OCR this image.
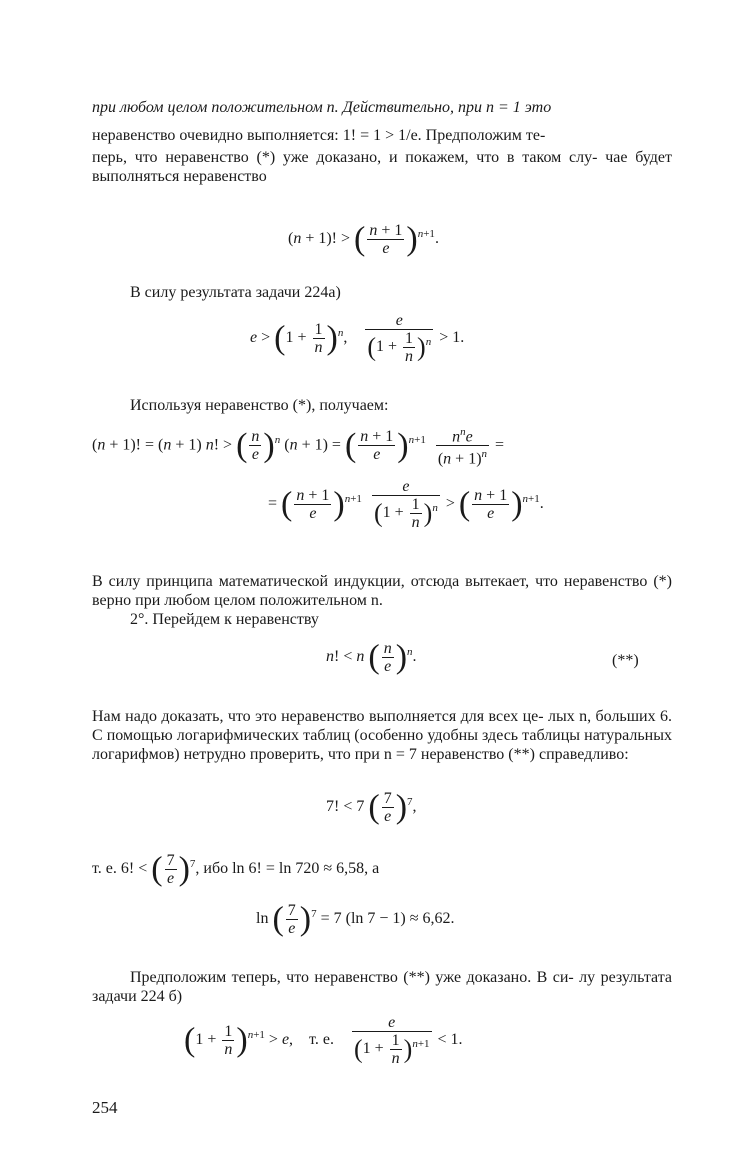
при любом целом положительном n. Действительно, при n = 1 это

неравенство очевидно выполняется: 1! = 1 > 1/e. Предположим те-

перь, что неравенство (*) уже доказано, и покажем, что в таком слу- чае будет выполняться неравенство

(n + 1)! > ( $\frac{n + 1}{e} )^{n+1}$.

В силу результата задачи 224а)

$e > (1 + \frac{1}{n} )^n$, $\frac{e}{(1 + \frac{1}{n} )^n} > 1$.

Используя неравенство (*), получаем:

(n + 1)! = (n + 1) n! > ( $\frac{n}{e} )^n$ (n + 1) = ( $\frac{n + 1}{e} )^{n+1} \frac{n^ne}{(n + 1)^n}$ =
= ( $\frac{n + 1}{e} )^{n+1} \frac{e}{(1 + \frac{1}{n} )^n}$ > ( $\frac{n + 1}{e} )^{n+1}$.

В силу принципа математической индукции, отсюда вытекает, что неравенство (*) верно при любом целом положительном n.

2°. Перейдем к неравенству

n! < n ( $\frac{n}{e} )^n$.	(**)

Нам надо доказать, что это неравенство выполняется для всех це- лых n, больших 6. С помощью логарифмических таблиц (особенно удобны здесь таблицы натуральных логарифмов) нетрудно проверить, что при n = 7 неравенство (**) справедливо:

7! < 7 ( $\frac{7}{e} )^7$,
т. е. 6! < ( $\frac{7}{e} )^7$, ибо ln 6! = ln 720 ≈ 6,58, а
ln ( $\frac{7}{e} )^7 = 7$ (ln 7 − 1) ≈ 6,62.

Предположим теперь, что неравенство (**) уже доказано. В си- лу результата задачи 224 б)

$(1 + \frac{1}{n} )^{n+1} > e$,    т. е. $\frac{e}{(1 + \frac{1}{n} )^{n+1}} < 1$.
254
